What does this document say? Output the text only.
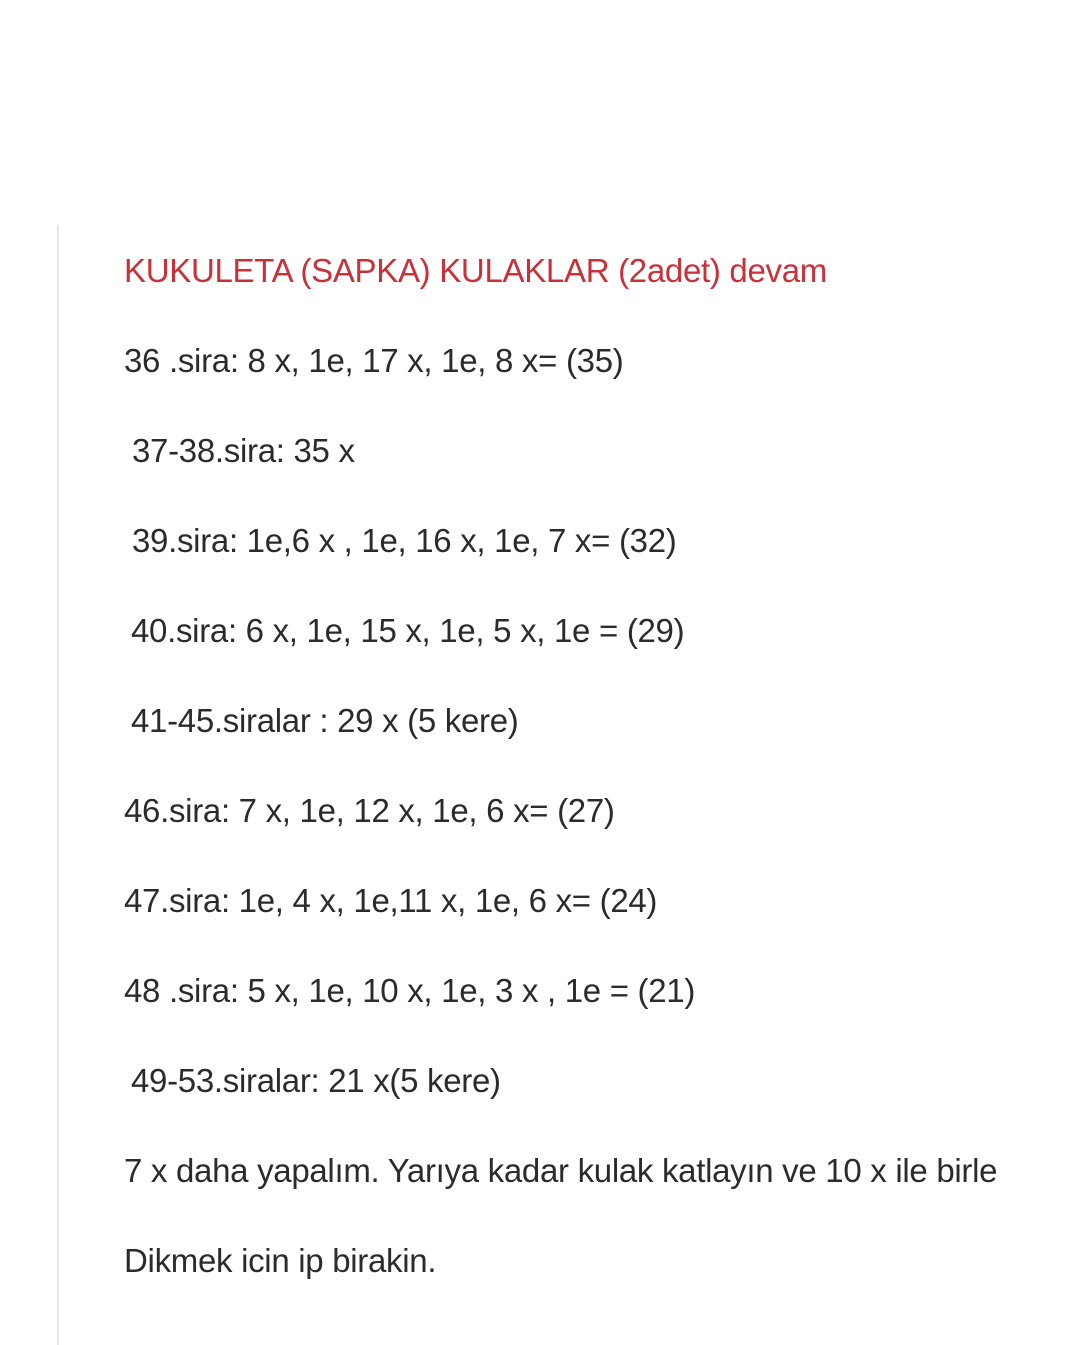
KUKULETA (SAPKA) KULAKLAR (2adet) devam
36 .sira: 8 x, 1e, 17 x, 1e, 8 x= (35)
37-38.sira: 35 x
39.sira: 1e,6 x , 1e, 16 x, 1e, 7 x= (32)
40.sira: 6 x, 1e, 15 x, 1e, 5 x, 1e = (29)
41-45.siralar : 29 x (5 kere)
46.sira: 7 x, 1e, 12 x, 1e, 6 x= (27)
47.sira: 1e, 4 x, 1e,11 x, 1e, 6 x= (24)
48 .sira: 5 x, 1e, 10 x, 1e, 3 x , 1e = (21)
49-53.siralar: 21 x(5 kere)
7 x daha yapalım. Yarıya kadar kulak katlayın ve 10 x ile birle
Dikmek icin ip birakin.
